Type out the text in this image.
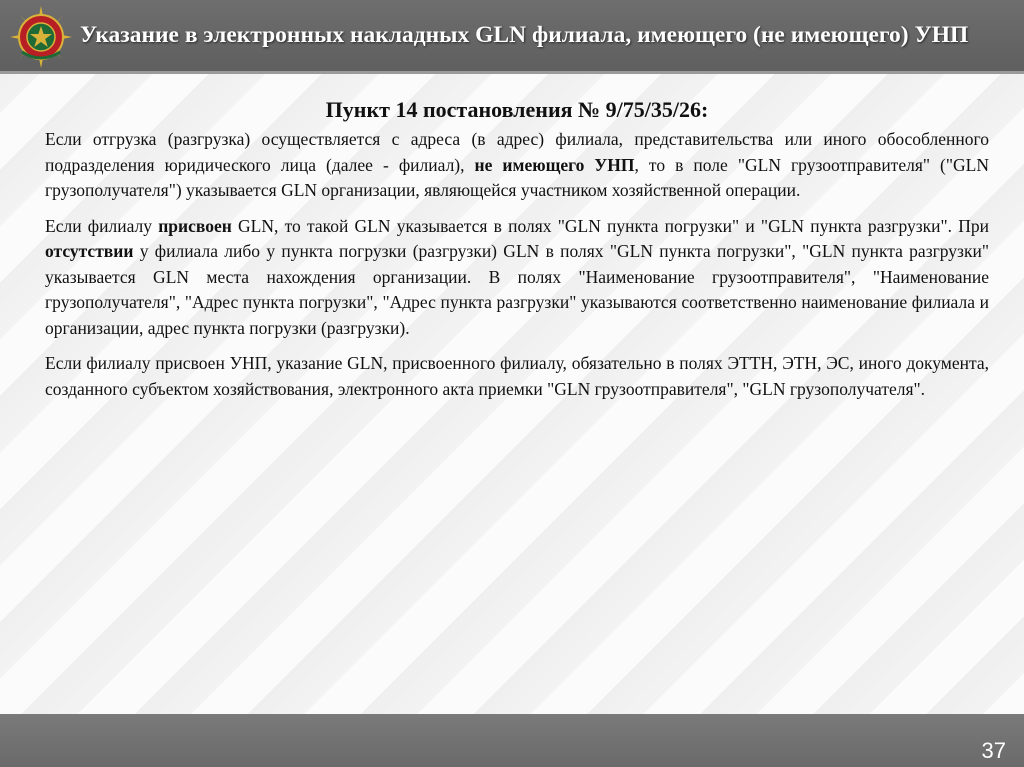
Указание в электронных накладных GLN филиала, имеющего (не имеющего) УНП
Пункт 14 постановления № 9/75/35/26:

Если отгрузка (разгрузка) осуществляется с адреса (в адрес) филиала, представительства или иного обособленного подразделения юридического лица (далее - филиал), не имеющего УНП, то в поле "GLN грузоотправителя" ("GLN грузополучателя") указывается GLN организации, являющейся участником хозяйственной операции.

Если филиалу присвоен GLN, то такой GLN указывается в полях "GLN пункта погрузки" и "GLN пункта разгрузки". При отсутствии у филиала либо у пункта погрузки (разгрузки) GLN в полях "GLN пункта погрузки", "GLN пункта разгрузки" указывается GLN места нахождения организации. В полях "Наименование грузоотправителя", "Наименование грузополучателя", "Адрес пункта погрузки", "Адрес пункта разгрузки" указываются соответственно наименование филиала и организации, адрес пункта погрузки (разгрузки).

Если филиалу присвоен УНП, указание GLN, присвоенного филиалу, обязательно в полях ЭТТН, ЭТН, ЭС, иного документа, созданного субъектом хозяйствования, электронного акта приемки "GLN грузоотправителя", "GLN грузополучателя".

37
